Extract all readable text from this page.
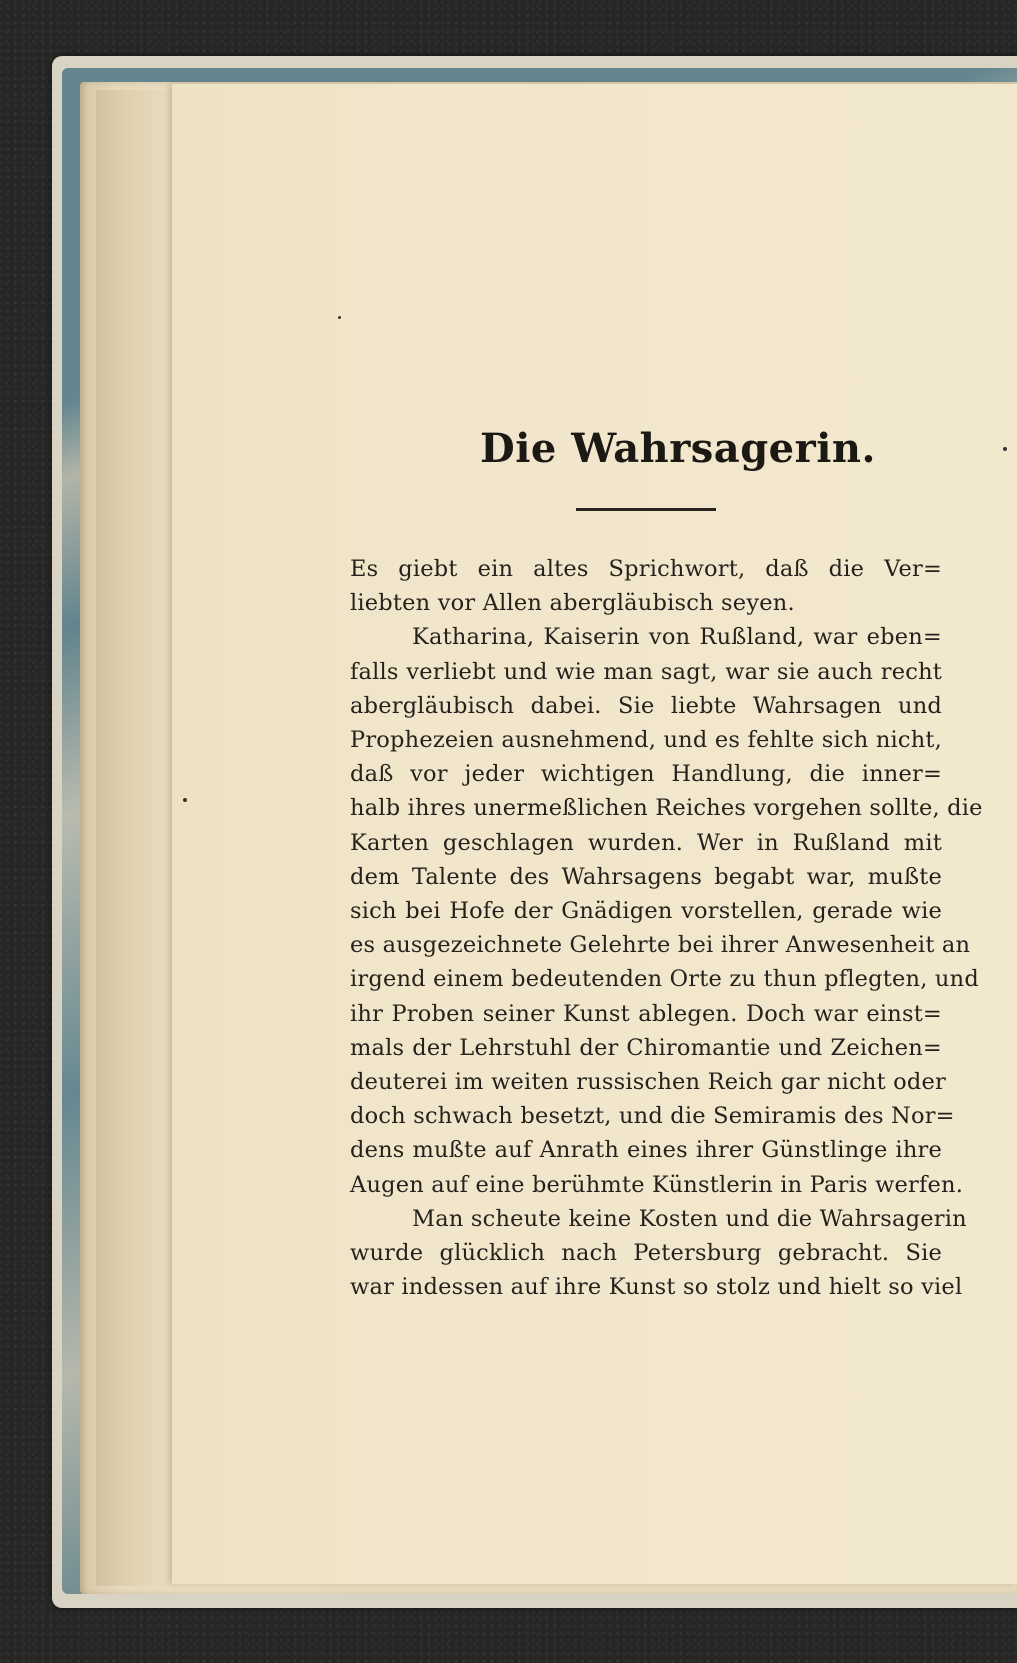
Die Wahrsagerin.
Es giebt ein altes Sprichwort, daß die Ver=
liebten vor Allen abergläubisch seyen.
Katharina, Kaiserin von Rußland, war eben=
falls verliebt und wie man sagt, war sie auch recht
abergläubisch dabei. Sie liebte Wahrsagen und
Prophezeien ausnehmend, und es fehlte sich nicht,
daß vor jeder wichtigen Handlung, die inner=
halb ihres unermeßlichen Reiches vorgehen sollte, die
Karten geschlagen wurden. Wer in Rußland mit
dem Talente des Wahrsagens begabt war, mußte
sich bei Hofe der Gnädigen vorstellen, gerade wie
es ausgezeichnete Gelehrte bei ihrer Anwesenheit an
irgend einem bedeutenden Orte zu thun pflegten, und
ihr Proben seiner Kunst ablegen. Doch war einst=
mals der Lehrstuhl der Chiromantie und Zeichen=
deuterei im weiten russischen Reich gar nicht oder
doch schwach besetzt, und die Semiramis des Nor=
dens mußte auf Anrath eines ihrer Günstlinge ihre
Augen auf eine berühmte Künstlerin in Paris werfen.
Man scheute keine Kosten und die Wahrsagerin
wurde glücklich nach Petersburg gebracht. Sie
war indessen auf ihre Kunst so stolz und hielt so viel
